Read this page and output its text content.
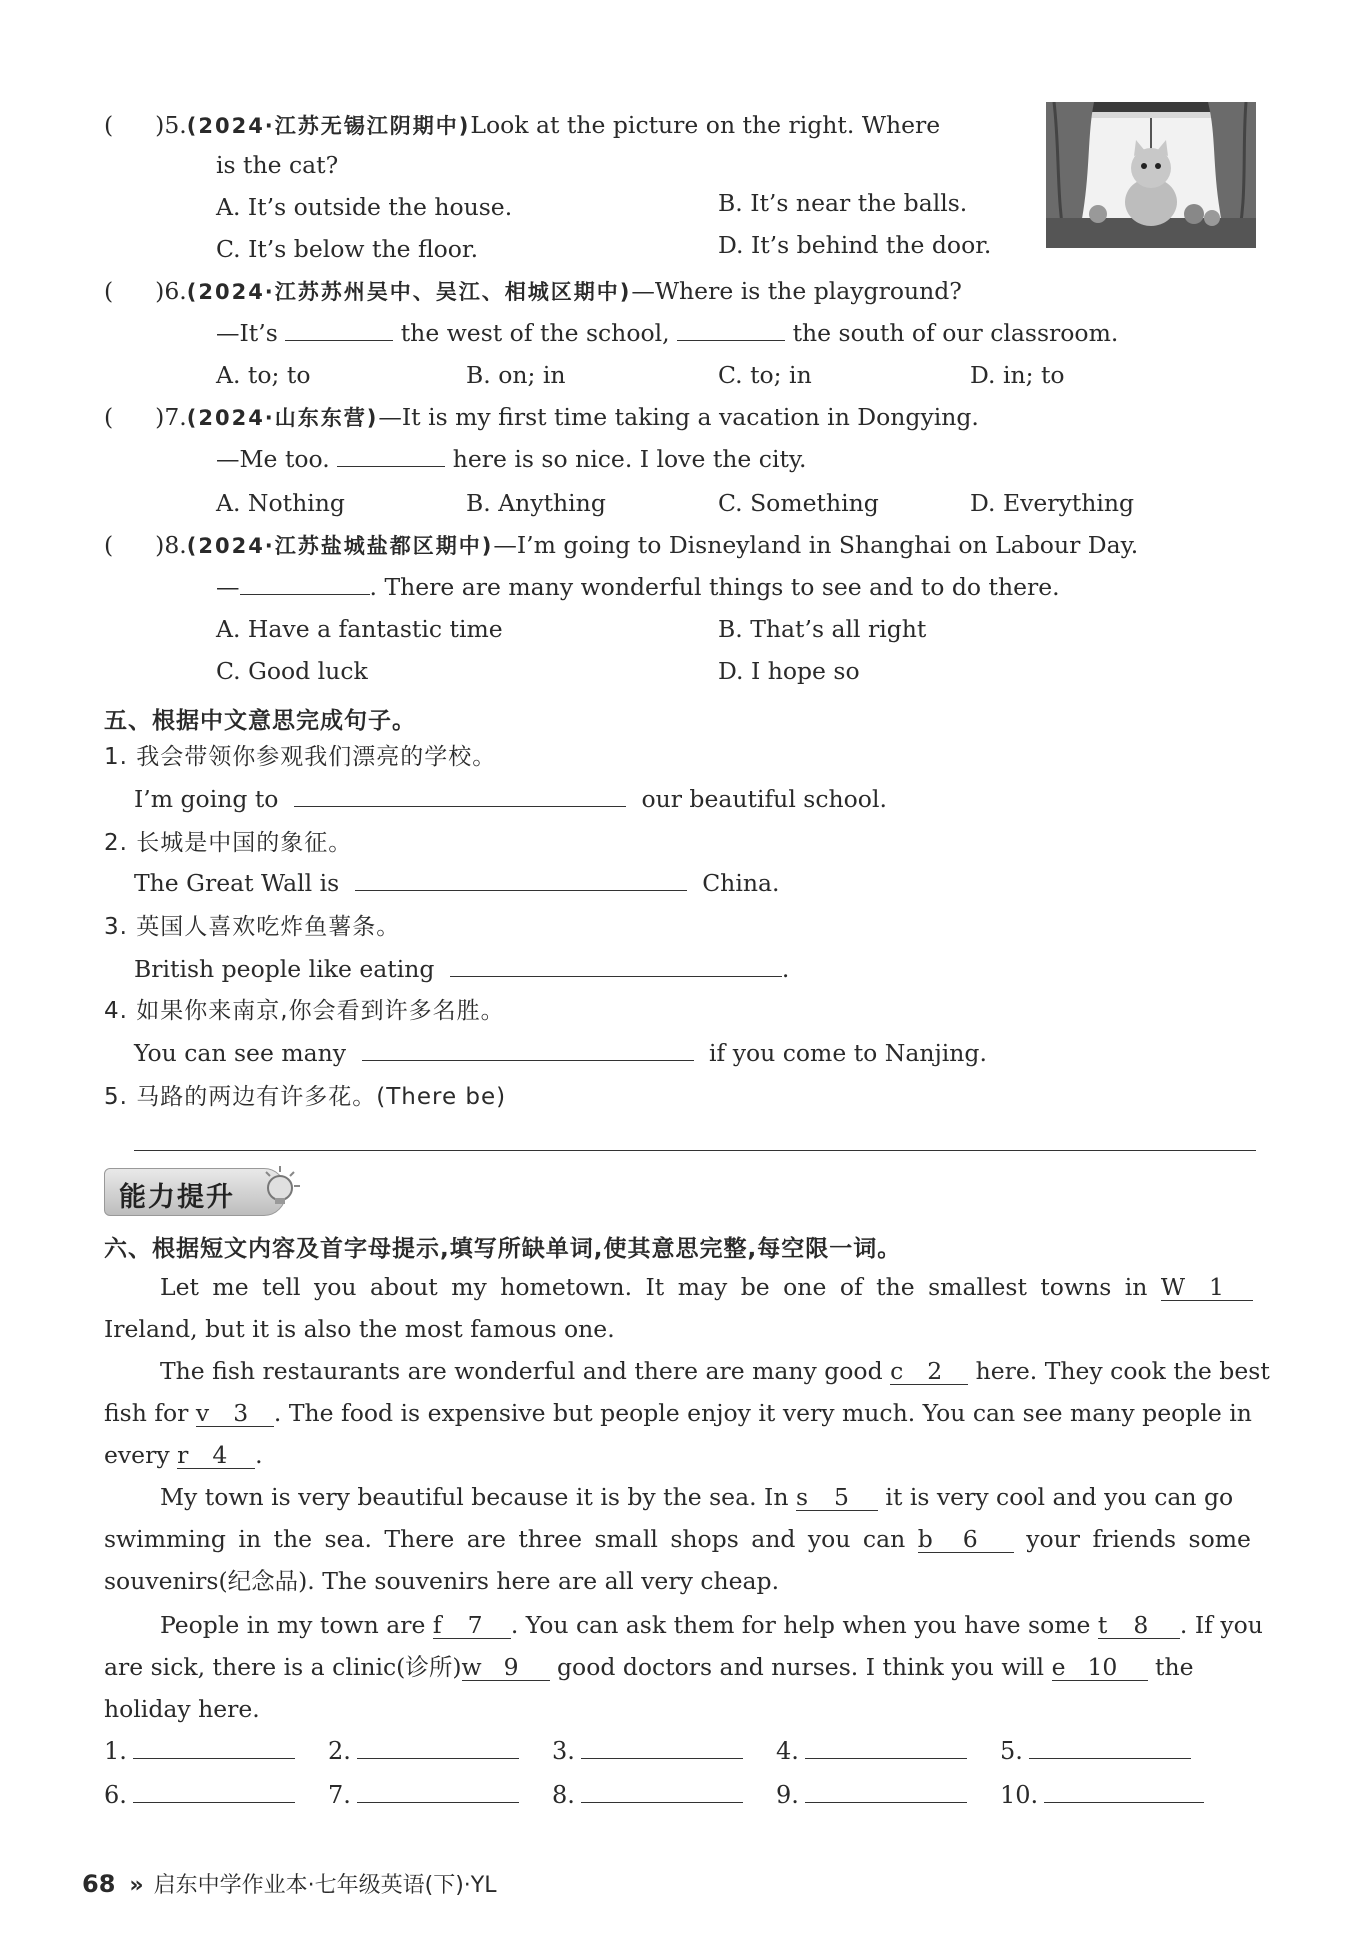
( )5.(2024·江苏无锡江阴期中)Look at the picture on the right. Where
is the cat?
A. It’s outside the house.	B. It’s near the balls.
C. It’s below the floor.	D. It’s behind the door.
( )6.(2024·江苏苏州吴中、吴江、相城区期中)—Where is the playground?
—It’s	the west of the school,	the south of our classroom.
A. to; to	B. on; in	C. to; in	D. in; to
( )7.(2024·山东东营)—It is my first time taking a vacation in Dongying.
—Me too.	here is so nice. I love the city.
A. Nothing	B. Anything	C. Something	D. Everything
( )8.(2024·江苏盐城盐都区期中)—I’m going to Disneyland in Shanghai on Labour Day.
—	. There are many wonderful things to see and to do there.
A. Have a fantastic time	B. That’s all right
C. Good luck	D. I hope so
五、根据中文意思完成句子。
1. 我会带领你参观我们漂亮的学校。
I’m going to	our beautiful school.
2. 长城是中国的象征。
The Great Wall is	China.
3. 英国人喜欢吃炸鱼薯条。
British people like eating	.
4. 如果你来南京,你会看到许多名胜。
You can see many	if you come to Nanjing.
5. 马路的两边有许多花。(There be)
能力提升
六、根据短文内容及首字母提示,填写所缺单词,使其意思完整,每空限一词。
Let me tell you about my hometown. It may be one of the smallest towns in W 1
Ireland, but it is also the most famous one.
The fish restaurants are wonderful and there are many good c 2 here. They cook the best
fish for v 3 . The food is expensive but people enjoy it very much. You can see many people in
every r 4 .
My town is very beautiful because it is by the sea. In s 5 it is very cool and you can go
swimming in the sea. There are three small shops and you can b 6 your friends some
souvenirs(纪念品). The souvenirs here are all very cheap.
People in my town are f 7 . You can ask them for help when you have some t 8 . If you
are sick, there is a clinic(诊所)w 9 good doctors and nurses. I think you will e 10 the
holiday here.
1.	2.	3.	4.	5.
6.	7.	8.	9.	10.
68 » 启东中学作业本·七年级英语(下)·YL
